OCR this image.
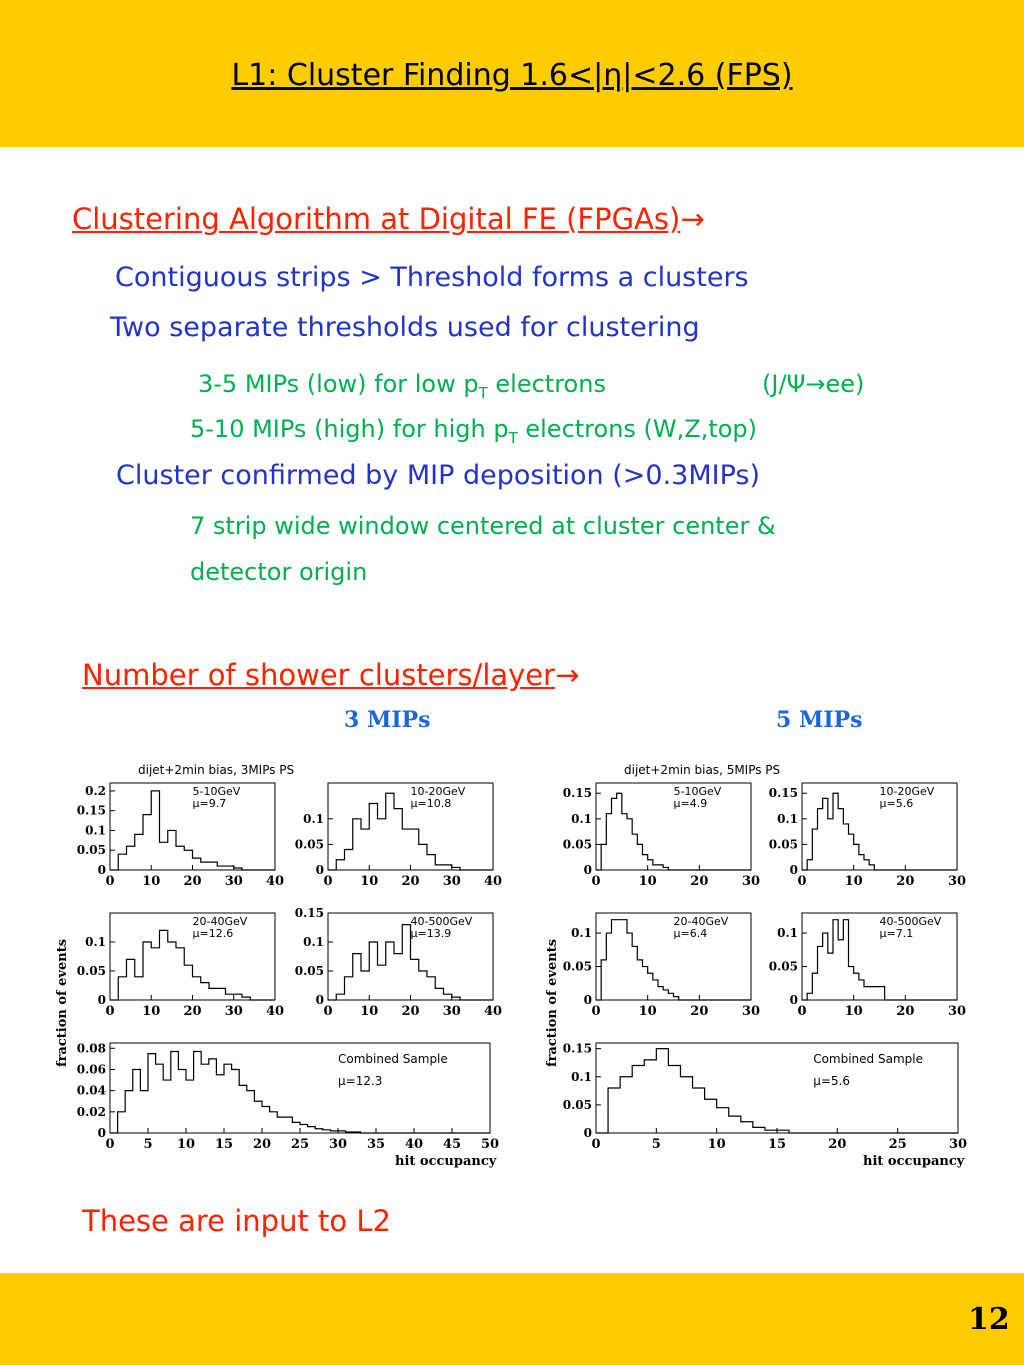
L1: Cluster Finding 1.6<|η|<2.6 (FPS)
Clustering Algorithm at Digital FE (FPGAs)→
Contiguous strips > Threshold forms a clusters
Two separate thresholds used for clustering
3-5 MIPs (low) for low $p_T$ electrons	(J/Ψ→ee)
5-10 MIPs (high) for high $p_T$ electrons (W,Z,top)
Cluster confirmed by MIP deposition (>0.3MIPs)
7 strip wide window centered at cluster center &
detector origin
Number of shower clusters/layer→
3 MIPs	5 MIPs
dijet+2min bias, 3MIPs PS
0 10 20 30 40
0
0.05
0.1
0.15
0.2	5-10GeV
μ=9.7
0 10 20 30 40
0
0.05
0.1
10-20GeV
μ=10.8
0 10 20 30 40
0
0.05
0.1
20-40GeV
μ=12.6
0 10 20 30 40
0
0.05
0.1
0.15
40-500GeV
μ=13.9
0 5 10 15 20 25 30 35 40 45 50
0
0.02
0.04
0.06
0.08
Combined Sample
μ=12.3
fraction of events
hit occupancy
dijet+2min bias, 5MIPs PS
0	10	20	30
0
0.05
0.1
0.15	5-10GeV
μ=4.9
0	10	20	30
0
0.05
0.1
0.15	10-20GeV
μ=5.6
0	10	20	30
0
0.05
0.1
20-40GeV
μ=6.4
0	10	20	30
0
0.05
0.1
40-500GeV
μ=7.1
0	5	10	15	20	25	30
0
0.05
0.1
0.15
Combined Sample
μ=5.6
fraction of events
hit occupancy
These are input to L2
12
